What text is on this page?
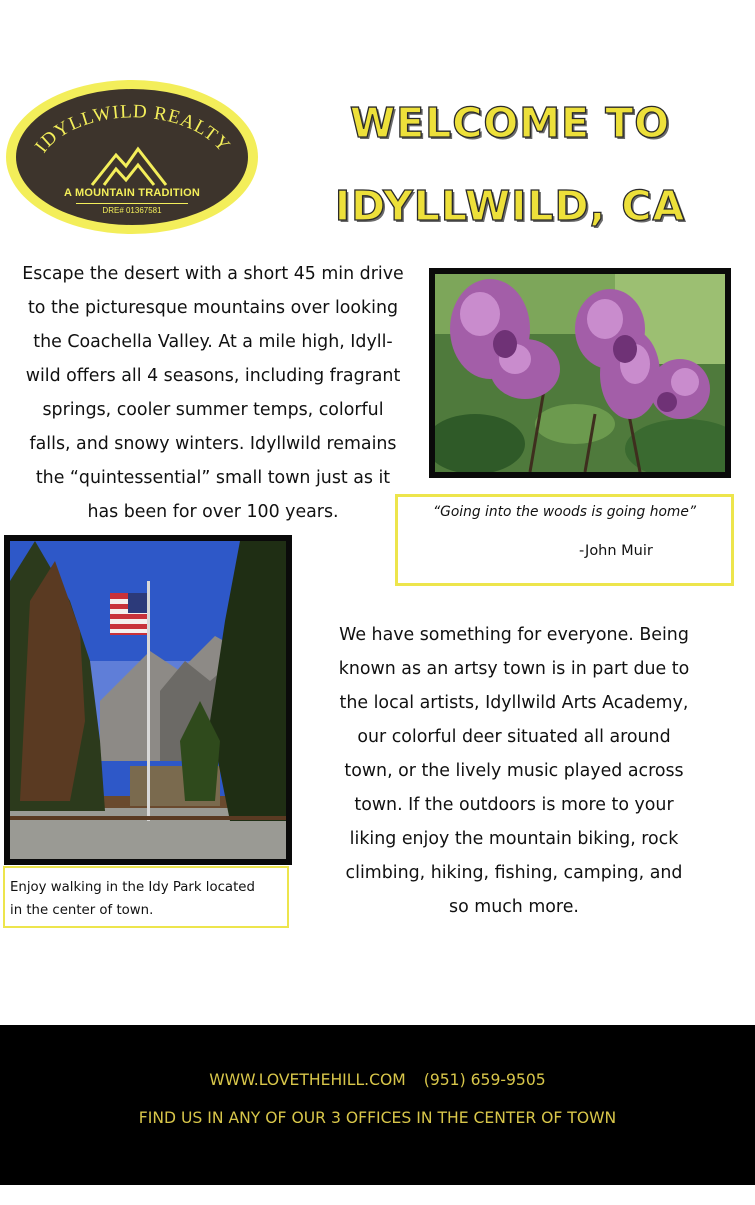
IDYLLWILD REALTY
A MOUNTAIN TRADITION
DRE# 01367581
WELCOME TO
IDYLLWILD, CA
Escape the desert with a short 45 min drive
to the picturesque mountains over looking
the Coachella Valley. At a mile high, Idyll-
wild offers all 4 seasons, including fragrant
springs, cooler summer temps, colorful
falls, and snowy winters. Idyllwild remains
the “quintessential” small town just as it
has been for over 100 years.	“Going into the woods is going home”
-John Muir
Enjoy walking in the Idy Park located
in the center of town.
We have something for everyone. Being
known as an artsy town is in part due to
the local artists, Idyllwild Arts Academy,
our colorful deer situated all around
town, or the lively music played across
town. If the outdoors is more to your
liking enjoy the mountain biking, rock
climbing, hiking, fishing, camping, and
so much more.
WWW.LOVETHEHILL.COM (951) 659-9505
FIND US IN ANY OF OUR 3 OFFICES IN THE CENTER OF TOWN
